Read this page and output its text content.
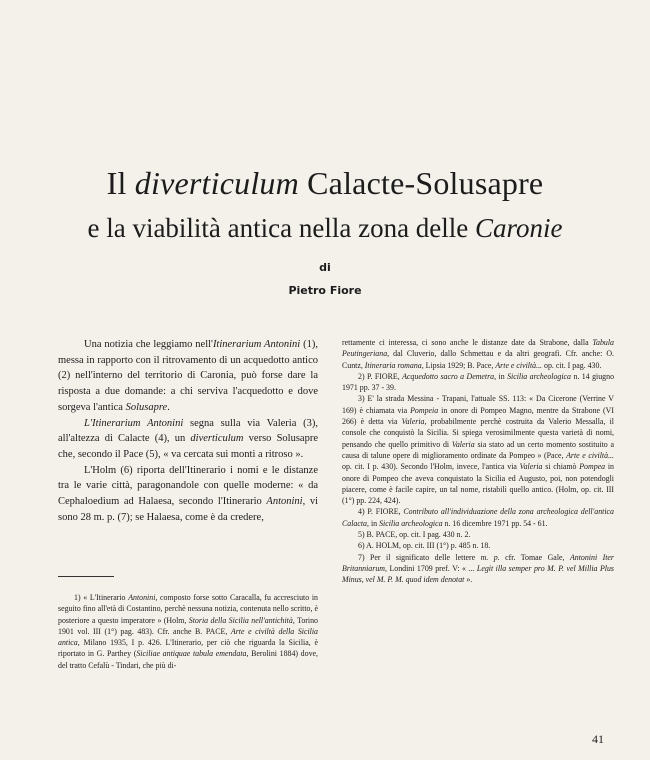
Il diverticulum Calacte-Solusapre
e la viabilità antica nella zona delle Caronie
di
Pietro Fiore

Una notizia che leggiamo nell'Itinerarium Antonini (1), messa in rapporto con il ritrovamento di un acquedotto antico (2) nell'interno del territorio di Caronia, può forse dare la risposta a due domande: a chi serviva l'acquedotto e dove sorgeva l'antica Solusapre.

L'Itinerarium Antonini segna sulla via Valeria (3), all'altezza di Calacte (4), un diverticulum verso Solusapre che, secondo il Pace (5), « va cercata sui monti a ritroso ».

L'Holm (6) riporta dell'Itinerario i nomi e le distanze tra le varie città, paragonandole con quelle moderne: « da Cephaloedium ad Halaesa, secondo l'Itinerario Antonini, vi sono 28 m. p. (7); se Halaesa, come è da credere,

1) « L'Itinerario Antonini, composto forse sotto Caracalla, fu accresciuto in seguito fino all'età di Costantino, perchè nessuna notizia, contenuta nello scritto, è posteriore a questo imperatore » (Holm, Storia della Sicilia nell'antichità, Torino 1901 vol. III (1°) pag. 483). Cfr. anche B. PACE, Arte e civiltà della Sicilia antica, Milano 1935, I p. 426. L'Itinerario, per ciò che riguarda la Sicilia, è riportato in G. Parthey (Siciliae antiquae tabula emendata, Berolini 1884) dove, del tratto Cefalù - Tindari, che più di-

rettamente ci interessa, ci sono anche le distanze date da Strabone, dalla Tabula Peutingeriana, dal Cluverio, dallo Schmettau e da altri geografi. Cfr. anche: O. Cuntz, Itineraria romana, Lipsia 1929; B. Pace, Arte e civiltà... op. cit. I pag. 430.

2) P. FIORE, Acquedotto sacro a Demetra, in Sicilia archeologica n. 14 giugno 1971 pp. 37 - 39.

3) E' la strada Messina - Trapani, l'attuale SS. 113: « Da Cicerone (Verrine V 169) è chiamata via Pompeia in onore di Pompeo Magno, mentre da Strabone (VI 266) è detta via Valeria, probabilmente perchè costruita da Valerio Messalla, il console che conquistò la Sicilia. Si spiega verosimilmente questa varietà di nomi, pensando che quello primitivo di Valeria sia stato ad un certo momento sostituito a causa di talune opere di miglioramento ordinate da Pompeo » (Pace, Arte e civiltà... op. cit. I p. 430). Secondo l'Holm, invece, l'antica via Valeria si chiamò Pompea in onore di Pompeo che aveva conquistato la Sicilia ed Augusto, poi, non potendogli piacere, come è facile capire, un tal nome, ristabilì quello antico. (Holm, op. cit. III (1°) pp. 224, 424).

4) P. FIORE, Contributo all'individuazione della zona archeologica dell'antica Calacta, in Sicilia archeologica n. 16 dicembre 1971 pp. 54 - 61.

5) B. PACE, op. cit. I pag. 430 n. 2.

6) A. HOLM, op. cit. III (1°) p. 485 n. 18.

7) Per il significato delle lettere m. p. cfr. Tomae Gale, Antonini Iter Britanniarum, Londini 1709 pref. V: « ... Legit illa semper pro M. P. vel Millia Plus Minus, vel M. P. M. quod idem denotat ».

41
